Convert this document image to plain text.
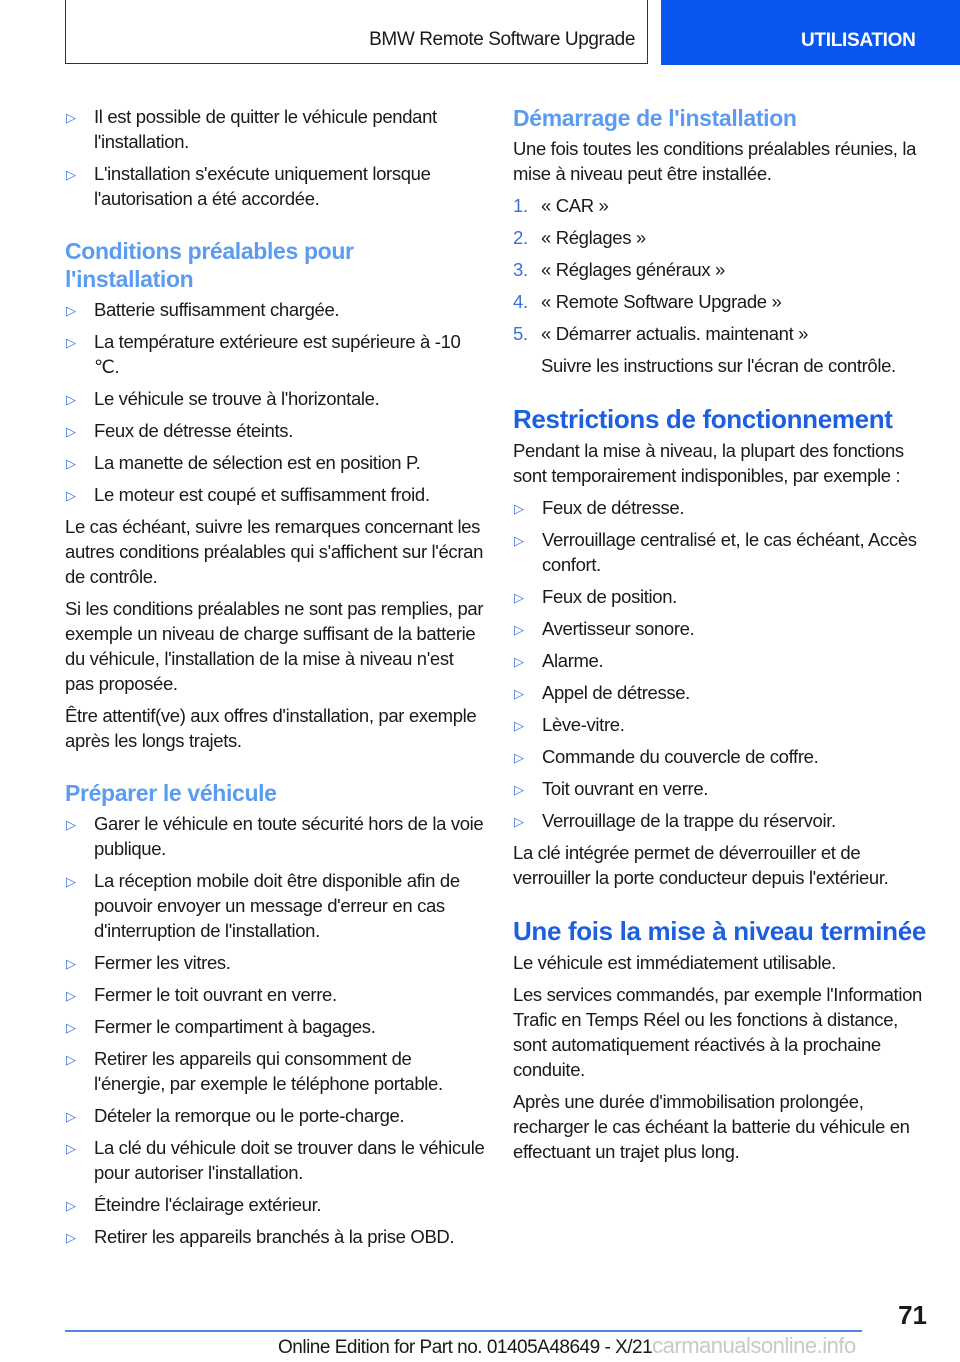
BMW Remote Software Upgrade	UTILISATION
▷ Il est possible de quitter le véhicule pendant l'installation.
▷ L'installation s'exécute uniquement lorsque l'autorisation a été accordée.
Conditions préalables pour l'installation
▷ Batterie suffisamment chargée.
▷ La température extérieure est supérieure à -10 ℃.
▷ Le véhicule se trouve à l'horizontale.
▷ Feux de détresse éteints.
▷ La manette de sélection est en position P.
▷ Le moteur est coupé et suffisamment froid.
Le cas échéant, suivre les remarques concernant les autres conditions préalables qui s'affichent sur l'écran de contrôle.
Si les conditions préalables ne sont pas remplies, par exemple un niveau de charge suffisant de la batterie du véhicule, l'installation de la mise à niveau n'est pas proposée.
Être attentif(ve) aux offres d'installation, par exemple après les longs trajets.
Préparer le véhicule
▷ Garer le véhicule en toute sécurité hors de la voie publique.
▷ La réception mobile doit être disponible afin de pouvoir envoyer un message d'erreur en cas d'interruption de l'installation.
▷ Fermer les vitres.
▷ Fermer le toit ouvrant en verre.
▷ Fermer le compartiment à bagages.
▷ Retirer les appareils qui consomment de l'énergie, par exemple le téléphone portable.
▷ Dételer la remorque ou le porte-charge.
▷ La clé du véhicule doit se trouver dans le véhicule pour autoriser l'installation.
▷ Éteindre l'éclairage extérieur.
▷ Retirer les appareils branchés à la prise OBD.
Démarrage de l'installation
Une fois toutes les conditions préalables réunies, la mise à niveau peut être installée.
1. « CAR »
2. « Réglages »
3. « Réglages généraux »
4. « Remote Software Upgrade »
5. « Démarrer actualis. maintenant »
Suivre les instructions sur l'écran de contrôle.
Restrictions de fonctionnement
Pendant la mise à niveau, la plupart des fonctions sont temporairement indisponibles, par exemple :
▷ Feux de détresse.
▷ Verrouillage centralisé et, le cas échéant, Accès confort.
▷ Feux de position.
▷ Avertisseur sonore.
▷ Alarme.
▷ Appel de détresse.
▷ Lève-vitre.
▷ Commande du couvercle de coffre.
▷ Toit ouvrant en verre.
▷ Verrouillage de la trappe du réservoir.
La clé intégrée permet de déverrouiller et de verrouiller la porte conducteur depuis l'extérieur.
Une fois la mise à niveau terminée
Le véhicule est immédiatement utilisable.
Les services commandés, par exemple l'Information Trafic en Temps Réel ou les fonctions à distance, sont automatiquement réactivés à la prochaine conduite.
Après une durée d'immobilisation prolongée, recharger le cas échéant la batterie du véhicule en effectuant un trajet plus long.
71
Online Edition for Part no. 01405A48649 - X/21carmanualsonline.info
